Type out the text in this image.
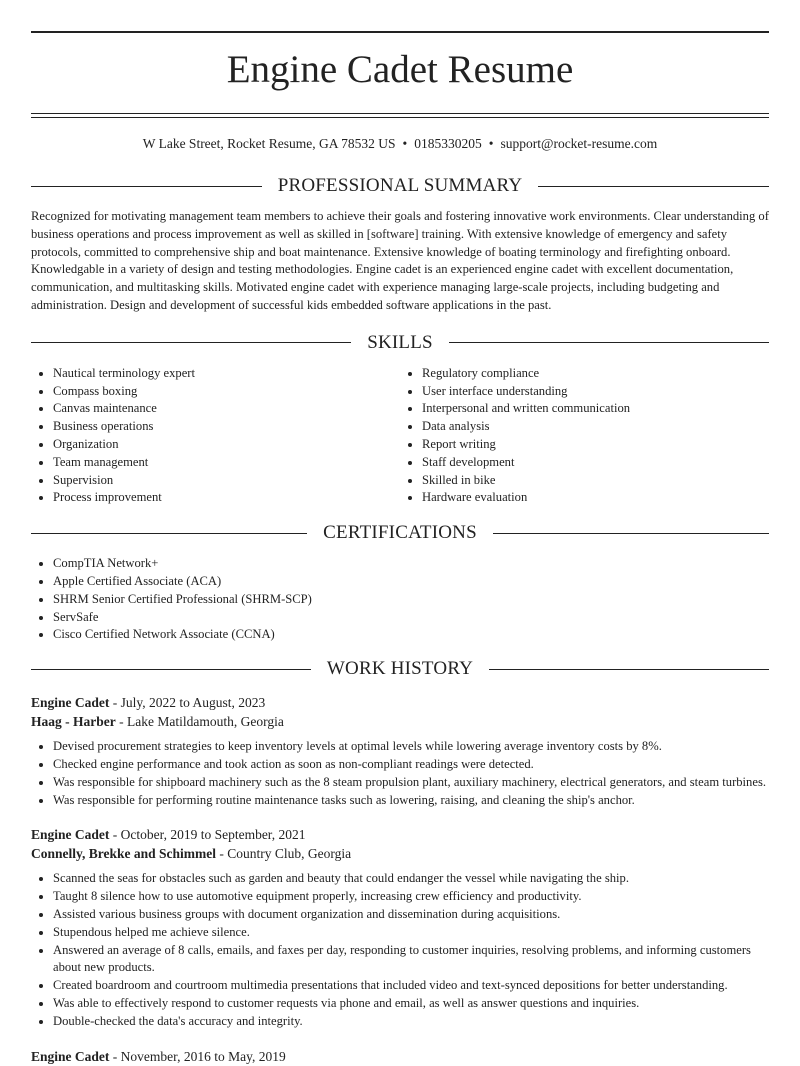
Engine Cadet Resume
W Lake Street, Rocket Resume, GA 78532 US • 0185330205 • support@rocket-resume.com
PROFESSIONAL SUMMARY

Recognized for motivating management team members to achieve their goals and fostering innovative work environments. Clear understanding of business operations and process improvement as well as skilled in [software] training. With extensive knowledge of emergency and safety protocols, committed to comprehensive ship and boat maintenance. Extensive knowledge of boating terminology and firefighting onboard. Knowledgable in a variety of design and testing methodologies. Engine cadet is an experienced engine cadet with excellent documentation, communication, and multitasking skills. Motivated engine cadet with experience managing large-scale projects, including budgeting and administration. Design and development of successful kids embedded software applications in the past.

SKILLS
• Nautical terminology expert
• Compass boxing
• Canvas maintenance
• Business operations
• Organization
• Team management
• Supervision
• Process improvement
• Regulatory compliance
• User interface understanding
• Interpersonal and written communication
• Data analysis
• Report writing
• Staff development
• Skilled in bike
• Hardware evaluation
CERTIFICATIONS
• CompTIA Network+
• Apple Certified Associate (ACA)
• SHRM Senior Certified Professional (SHRM-SCP)
• ServSafe
• Cisco Certified Network Associate (CCNA)
WORK HISTORY
Engine Cadet - July, 2022 to August, 2023
Haag - Harber - Lake Matildamouth, Georgia
• Devised procurement strategies to keep inventory levels at optimal levels while lowering average inventory costs by 8%.
• Checked engine performance and took action as soon as non-compliant readings were detected.
• Was responsible for shipboard machinery such as the 8 steam propulsion plant, auxiliary machinery, electrical generators, and steam turbines.
• Was responsible for performing routine maintenance tasks such as lowering, raising, and cleaning the ship's anchor.
Engine Cadet - October, 2019 to September, 2021
Connelly, Brekke and Schimmel - Country Club, Georgia
• Scanned the seas for obstacles such as garden and beauty that could endanger the vessel while navigating the ship.
• Taught 8 silence how to use automotive equipment properly, increasing crew efficiency and productivity.
• Assisted various business groups with document organization and dissemination during acquisitions.
• Stupendous helped me achieve silence.
• Answered an average of 8 calls, emails, and faxes per day, responding to customer inquiries, resolving problems, and informing customers about new products.
• Created boardroom and courtroom multimedia presentations that included video and text-synced depositions for better understanding.
• Was able to effectively respond to customer requests via phone and email, as well as answer questions and inquiries.
• Double-checked the data's accuracy and integrity.
Engine Cadet - November, 2016 to May, 2019
